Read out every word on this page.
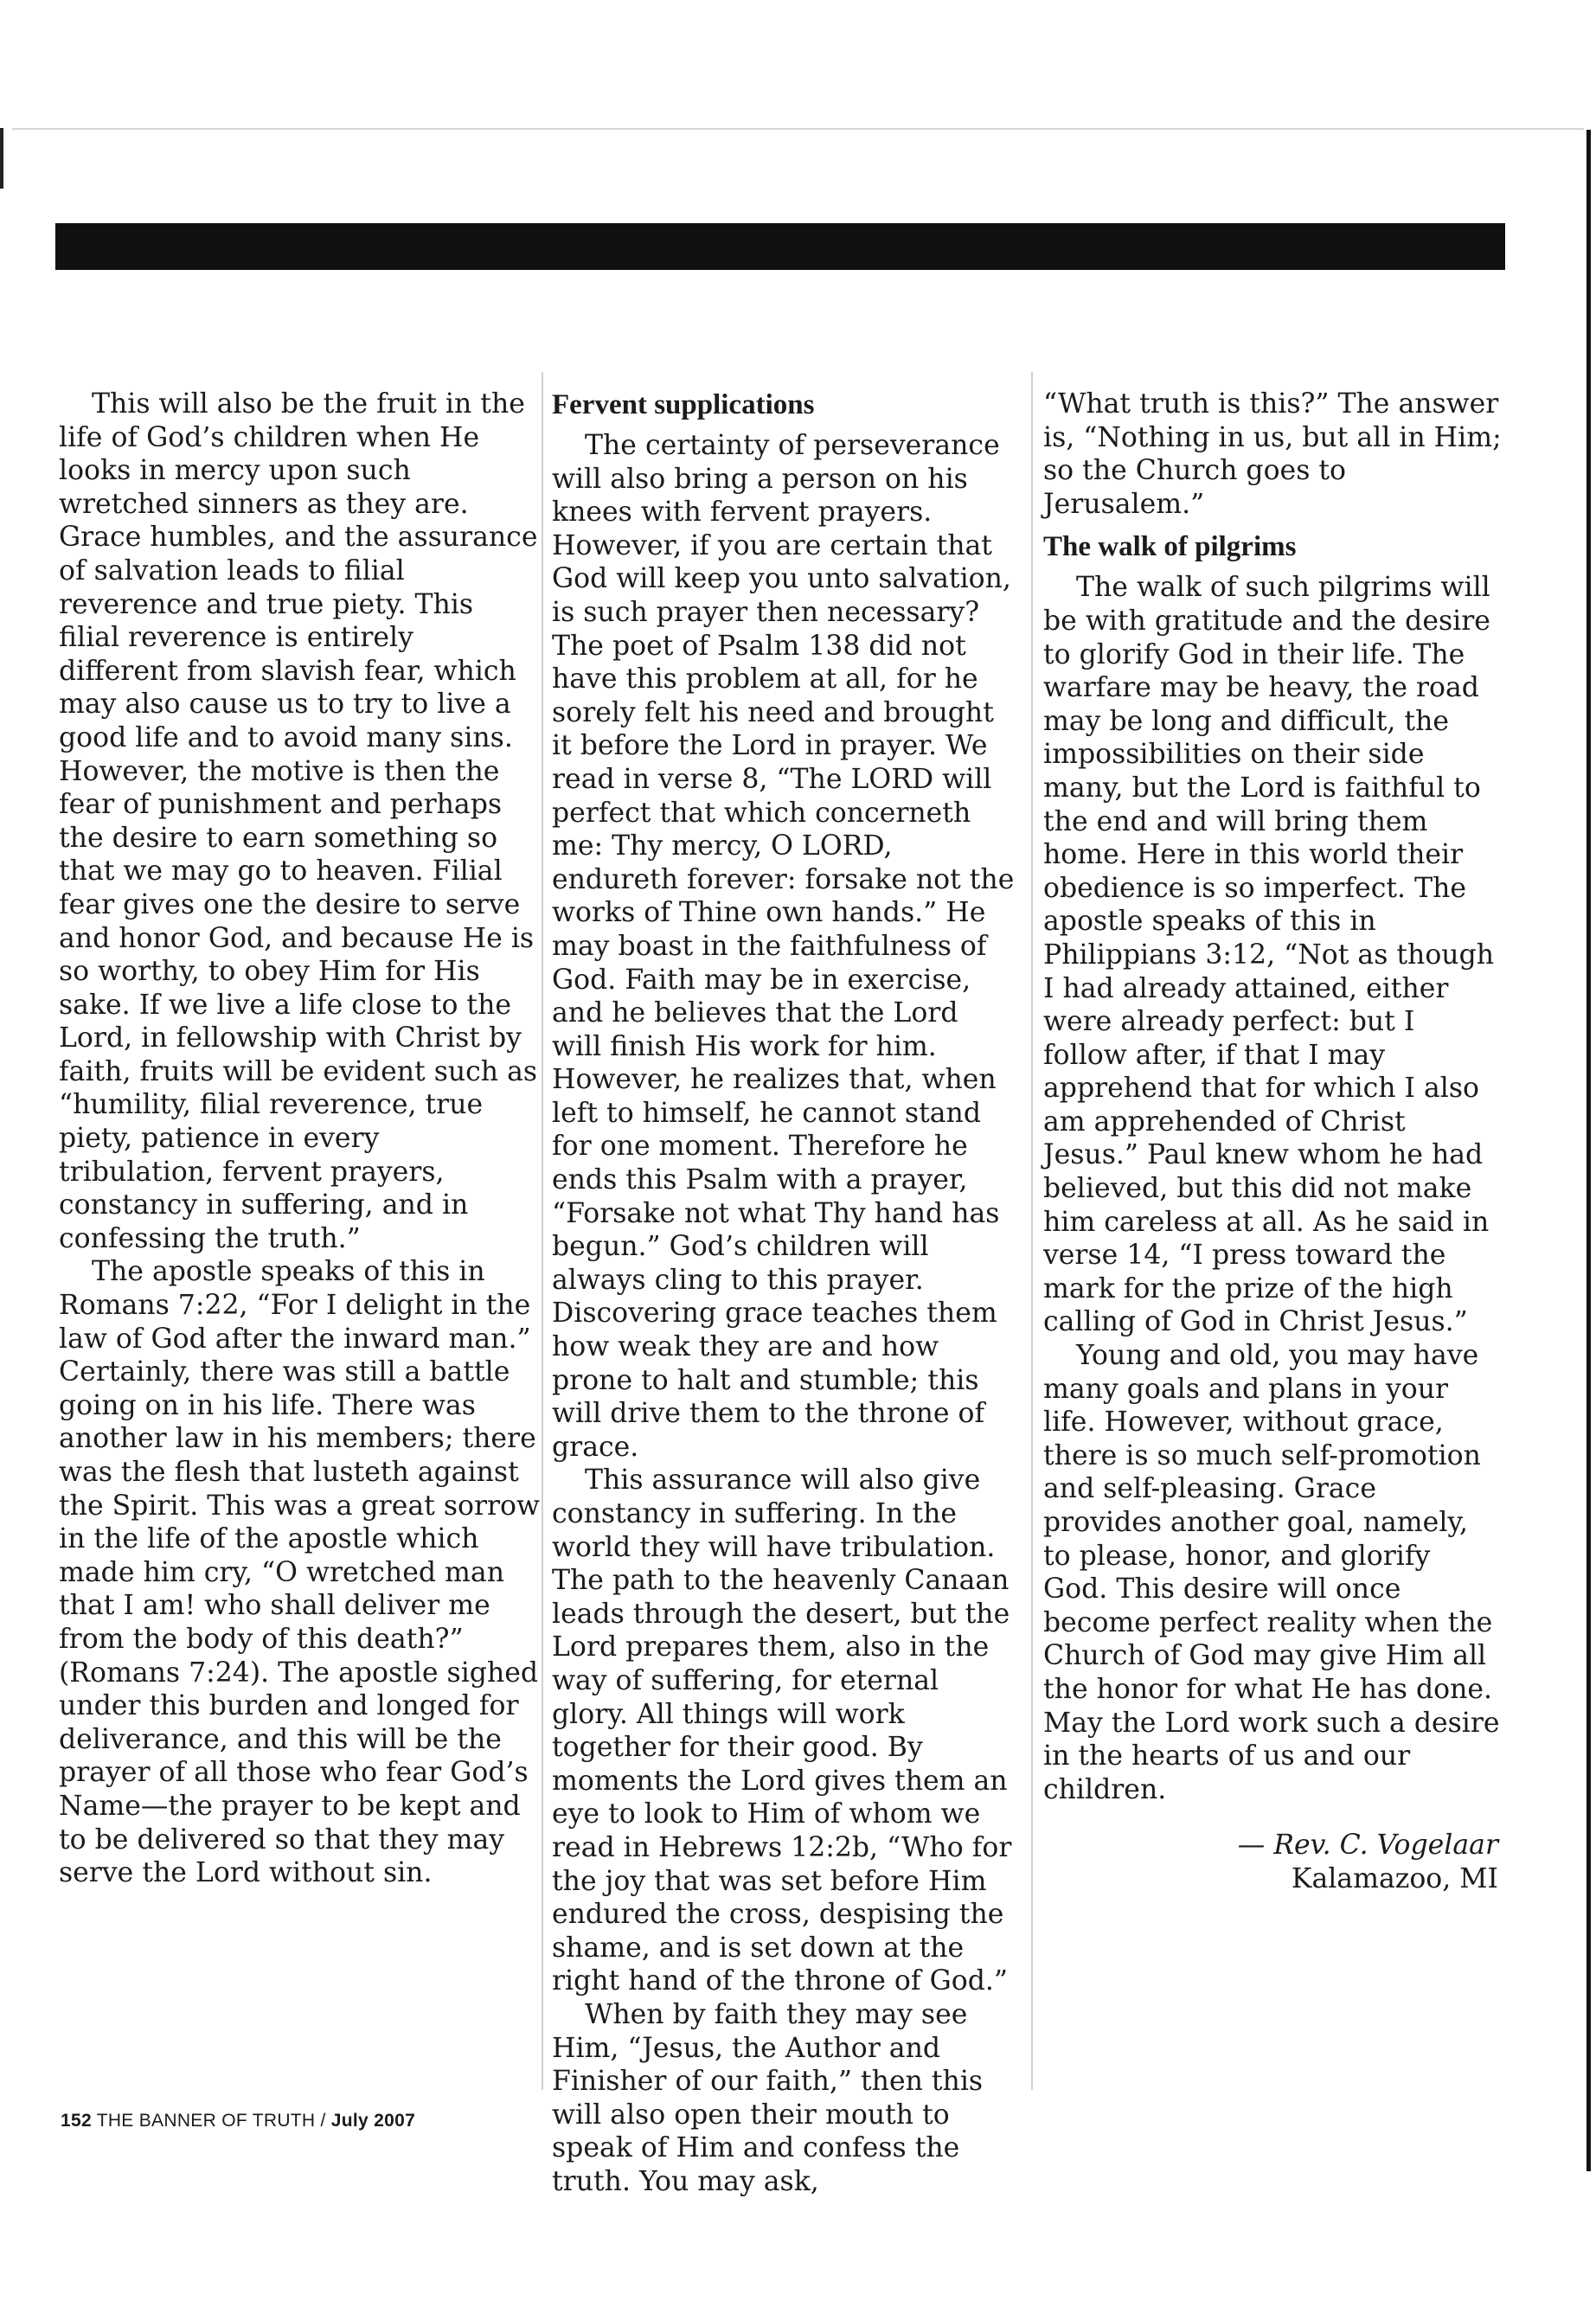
This will also be the fruit in the life of God’s children when He looks in mercy upon such wretched sinners as they are. Grace humbles, and the assurance of salvation leads to filial reverence and true piety. This filial reverence is entirely different from slavish fear, which may also cause us to try to live a good life and to avoid many sins. However, the motive is then the fear of punishment and perhaps the desire to earn something so that we may go to heaven. Filial fear gives one the desire to serve and honor God, and because He is so worthy, to obey Him for His sake. If we live a life close to the Lord, in fellowship with Christ by faith, fruits will be evident such as “humility, filial reverence, true piety, patience in every tribulation, fervent prayers, constancy in suffering, and in confessing the truth.”

The apostle speaks of this in Romans 7:22, “For I delight in the law of God after the inward man.” Certainly, there was still a battle going on in his life. There was another law in his members; there was the flesh that lusteth against the Spirit. This was a great sorrow in the life of the apostle which made him cry, “O wretched man that I am! who shall deliver me from the body of this death?” (Romans 7:24). The apostle sighed under this burden and longed for deliverance, and this will be the prayer of all those who fear God’s Name—the prayer to be kept and to be delivered so that they may serve the Lord without sin.

Fervent supplications

The certainty of perseverance will also bring a person on his knees with fervent prayers. However, if you are certain that God will keep you unto salvation, is such prayer then necessary? The poet of Psalm 138 did not have this problem at all, for he sorely felt his need and brought it before the Lord in prayer. We read in verse 8, “The LORD will perfect that which concerneth me: Thy mercy, O LORD, endureth forever: forsake not the works of Thine own hands.” He may boast in the faithfulness of God. Faith may be in exercise, and he believes that the Lord will finish His work for him. However, he realizes that, when left to himself, he cannot stand for one moment. Therefore he ends this Psalm with a prayer, “Forsake not what Thy hand has begun.” God’s children will always cling to this prayer. Discovering grace teaches them how weak they are and how prone to halt and stumble; this will drive them to the throne of grace.

This assurance will also give constancy in suffering. In the world they will have tribulation. The path to the heavenly Canaan leads through the desert, but the Lord prepares them, also in the way of suffering, for eternal glory. All things will work together for their good. By moments the Lord gives them an eye to look to Him of whom we read in Hebrews 12:2b, “Who for the joy that was set before Him endured the cross, despising the shame, and is set down at the right hand of the throne of God.”

When by faith they may see Him, “Jesus, the Author and Finisher of our faith,” then this will also open their mouth to speak of Him and confess the truth. You may ask,

“What truth is this?” The answer is, “Nothing in us, but all in Him; so the Church goes to Jerusalem.”

The walk of pilgrims

The walk of such pilgrims will be with gratitude and the desire to glorify God in their life. The warfare may be heavy, the road may be long and difficult, the impossibilities on their side many, but the Lord is faithful to the end and will bring them home. Here in this world their obedience is so imperfect. The apostle speaks of this in Philippians 3:12, “Not as though I had already attained, either were already perfect: but I follow after, if that I may apprehend that for which I also am apprehended of Christ Jesus.” Paul knew whom he had believed, but this did not make him careless at all. As he said in verse 14, “I press toward the mark for the prize of the high calling of God in Christ Jesus.”

Young and old, you may have many goals and plans in your life. However, without grace, there is so much self-promotion and self-pleasing. Grace provides another goal, namely, to please, honor, and glorify God. This desire will once become perfect reality when the Church of God may give Him all the honor for what He has done. May the Lord work such a desire in the hearts of us and our children.

— Rev. C. Vogelaar
Kalamazoo, MI
152 THE BANNER OF TRUTH / July 2007
